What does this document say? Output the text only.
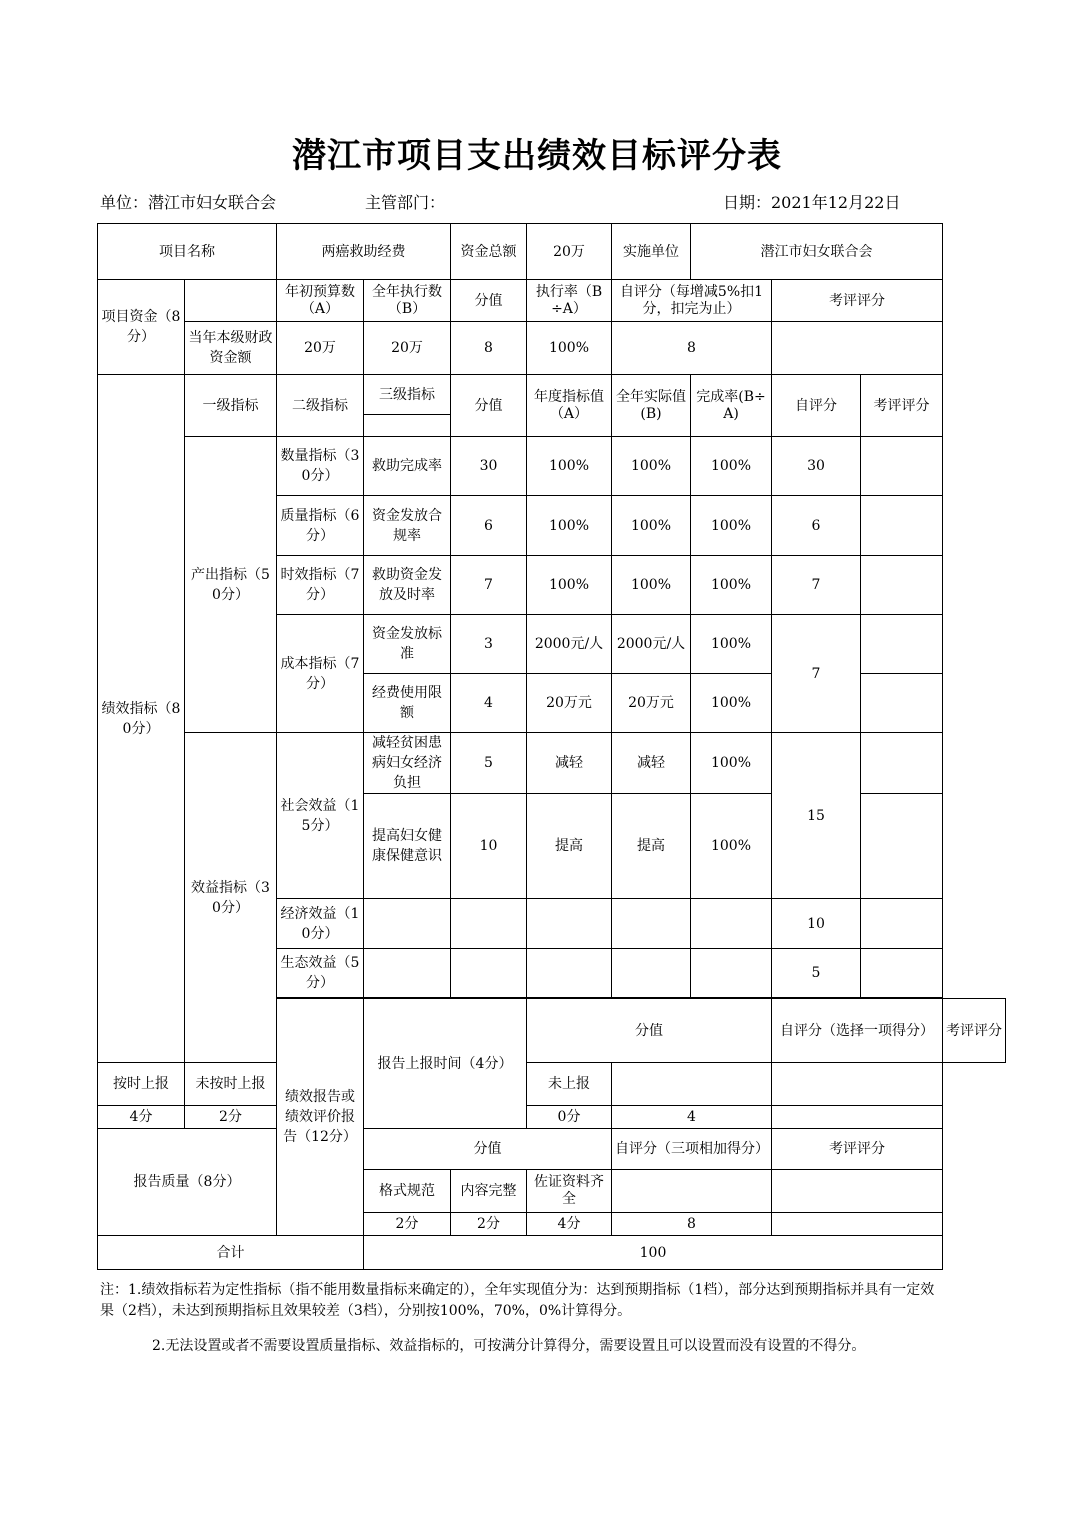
潜江市项目支出绩效目标评分表
单位：潜江市妇女联合会	主管部门：	日期：2021年12月22日
项目名称		两癌救助经费		资金总额	20万	实施单位	潜江市妇女联合会			
项目资金（8分）		年初预算数（A）	全年执行数（B）	分值	执行率（B÷A）	自评分（每增减5%扣1分，扣完为止）		考评评分		
	当年本级财政资金额	20万	20万	8	100%	8				
绩效指标（80分）	一级指标	二级指标	三级指标	分值	年度指标值（A）	全年实际值(B)	完成率(B÷A)	自评分	考评评分	

	产出指标（50分）	数量指标（30分）	救助完成率	30	100%	100%	100%	30		
		质量指标（6分）	资金发放合规率	6	100%	100%	100%	6		
		时效指标（7分）	救助资金发放及时率	7	100%	100%	100%	7		
		成本指标（7分）	资金发放标准	3	2000元/人	2000元/人	100%	7		
			经费使用限额	4	20万元	20万元	100%			
	效益指标（30分）	社会效益（15分）	减轻贫困患病妇女经济负担	5	减轻	减轻	100%	15		
			提高妇女健康保健意识	10	提高	提高	100%			
		经济效益（10分）						10		
		生态效益（5分）						5		

		绩效报告或绩效评价报告（12分）	报告上报时间（4分）		分值			自评分（选择一项得分）		考评评分
按时上报	未按时上报				未上报					
4分	2分				0分	4				
报告质量（8分）			分值			自评分（三项相加得分）		考评评分		
			格式规范	内容完整	佐证资料齐全					
			2分	2分	4分	8				
合计			100							
注：1.绩效指标若为定性指标（指不能用数量指标来确定的），全年实现值分为：达到预期指标（1档），部分达到预期指标并具有一定效果（2档），未达到预期指标且效果较差（3档），分别按100%，70%，0%计算得分。
2.无法设置或者不需要设置质量指标、效益指标的，可按满分计算得分，需要设置且可以设置而没有设置的不得分。
